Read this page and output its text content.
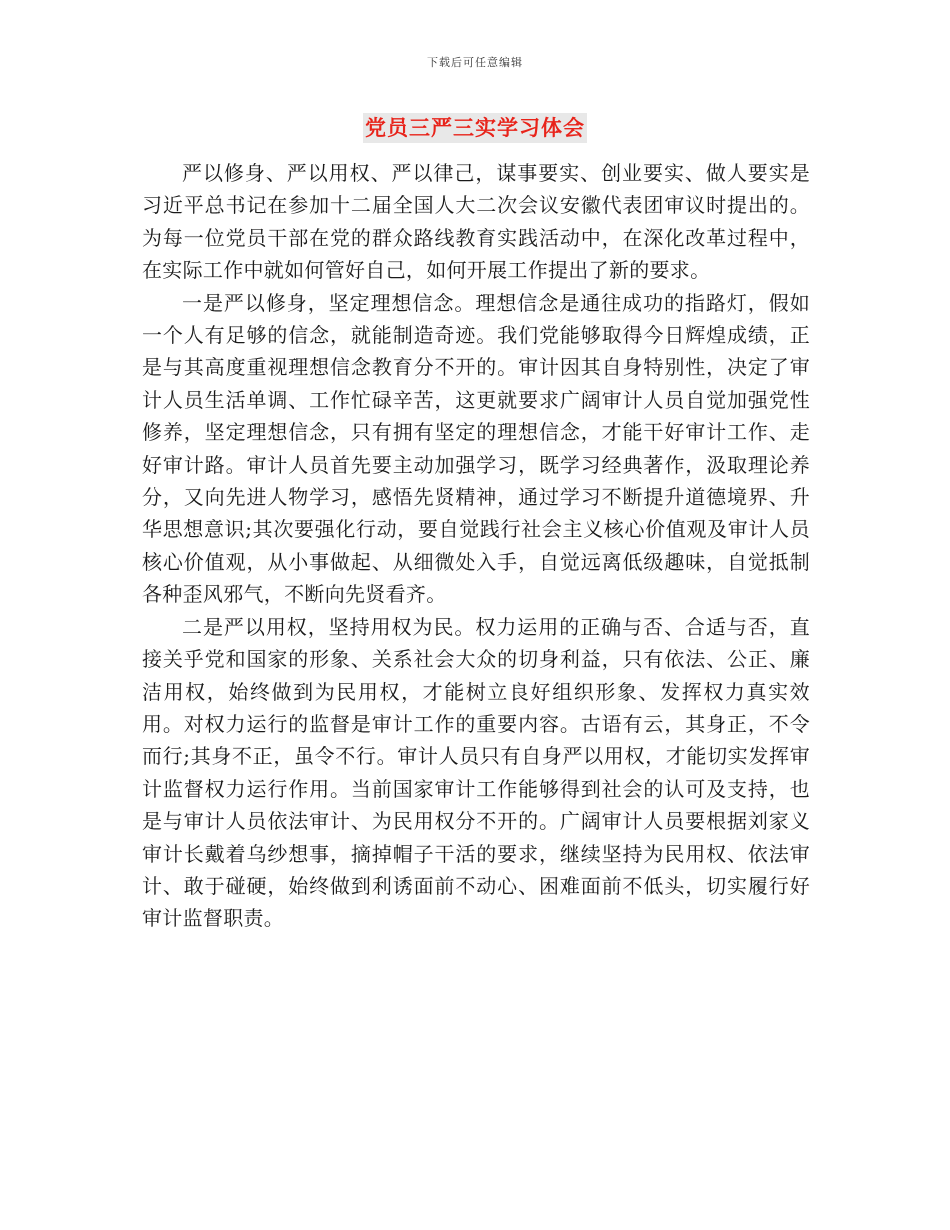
下载后可任意编辑
党员三严三实学习体会

严以修身、严以用权、严以律己，谋事要实、创业要实、做人要实是习近平总书记在参加十二届全国人大二次会议安徽代表团审议时提出的。为每一位党员干部在党的群众路线教育实践活动中，在深化改革过程中，在实际工作中就如何管好自己，如何开展工作提出了新的要求。

一是严以修身，坚定理想信念。理想信念是通往成功的指路灯，假如一个人有足够的信念，就能制造奇迹。我们党能够取得今日辉煌成绩，正是与其高度重视理想信念教育分不开的。审计因其自身特别性，决定了审计人员生活单调、工作忙碌辛苦，这更就要求广阔审计人员自觉加强党性修养，坚定理想信念，只有拥有坚定的理想信念，才能干好审计工作、走好审计路。审计人员首先要主动加强学习，既学习经典著作，汲取理论养分，又向先进人物学习，感悟先贤精神，通过学习不断提升道德境界、升华思想意识;其次要强化行动，要自觉践行社会主义核心价值观及审计人员核心价值观，从小事做起、从细微处入手，自觉远离低级趣味，自觉抵制各种歪风邪气，不断向先贤看齐。

二是严以用权，坚持用权为民。权力运用的正确与否、合适与否，直接关乎党和国家的形象、关系社会大众的切身利益，只有依法、公正、廉洁用权，始终做到为民用权，才能树立良好组织形象、发挥权力真实效用。对权力运行的监督是审计工作的重要内容。古语有云，其身正，不令而行;其身不正，虽令不行。审计人员只有自身严以用权，才能切实发挥审计监督权力运行作用。当前国家审计工作能够得到社会的认可及支持，也是与审计人员依法审计、为民用权分不开的。广阔审计人员要根据刘家义审计长戴着乌纱想事，摘掉帽子干活的要求，继续坚持为民用权、依法审计、敢于碰硬，始终做到利诱面前不动心、困难面前不低头，切实履行好审计监督职责。
